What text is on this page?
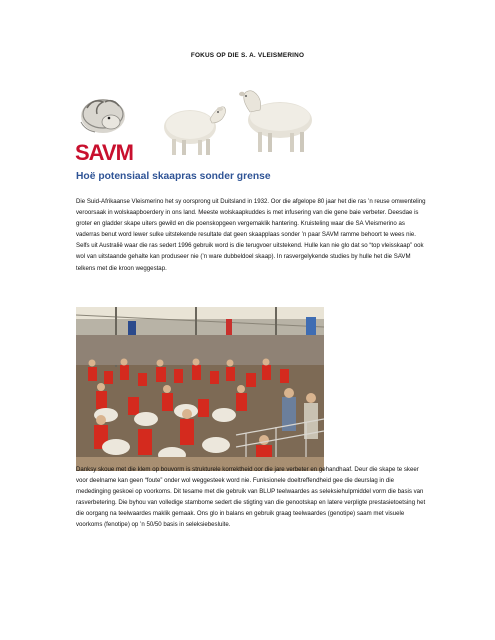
FOKUS OP DIE S. A. VLEISMERINO
SAVM
Hoë potensiaal skaapras sonder grense

Die Suid-Afrikaanse Vleismerino het sy oorsprong uit Duitsland in 1932. Oor die afgelope 80 jaar het die ras ’n reuse omwenteling veroorsaak in wolskaapboerdery in ons land. Meeste wolskaapkuddes is met infusering van die gene baie verbeter. Deesdae is groter en gladder skape uiters gewild en die poenskopgeen vergemaklik hantering. Kruisteling waar die SA Vleismerino as vaderras benut word lewer sulke uitstekende resultate dat geen skaapplaas sonder ’n paar SAVM ramme behoort te wees nie. Selfs uit Australië waar die ras sedert 1996 gebruik word is die terugvoer uitstekend. Hulle kan nie glo dat so “top vleisskaap” ook wol van uitstaande gehalte kan produseer nie (’n ware dubbeldoel skaap). In rasvergelykende studies by hulle het die SAVM telkens met die kroon weggestap.

Danksy skoue met die klem op bouvorm is strukturele korrektheid oor die jare verbeter en gehandhaaf. Deur die skape te skeer voor deelname kan geen “foute” onder wol weggesteek word nie. Funksionele doeltreffendheid gee die deurslag in die mededinging geskoei op voorkoms. Dit tesame met die gebruik van BLUP teelwaardes as seleksiehulpmiddel vorm die basis van rasverbetering. Die byhou van volledige stambome sedert die stigting van die genootskap en latere verpligte prestasietoetsing het die oorgang na teelwaardes maklik gemaak. Ons glo in balans en gebruik graag teelwaardes (genotipe) saam met visuele voorkoms (fenotipe) op ’n 50/50 basis in seleksiebesluite.
